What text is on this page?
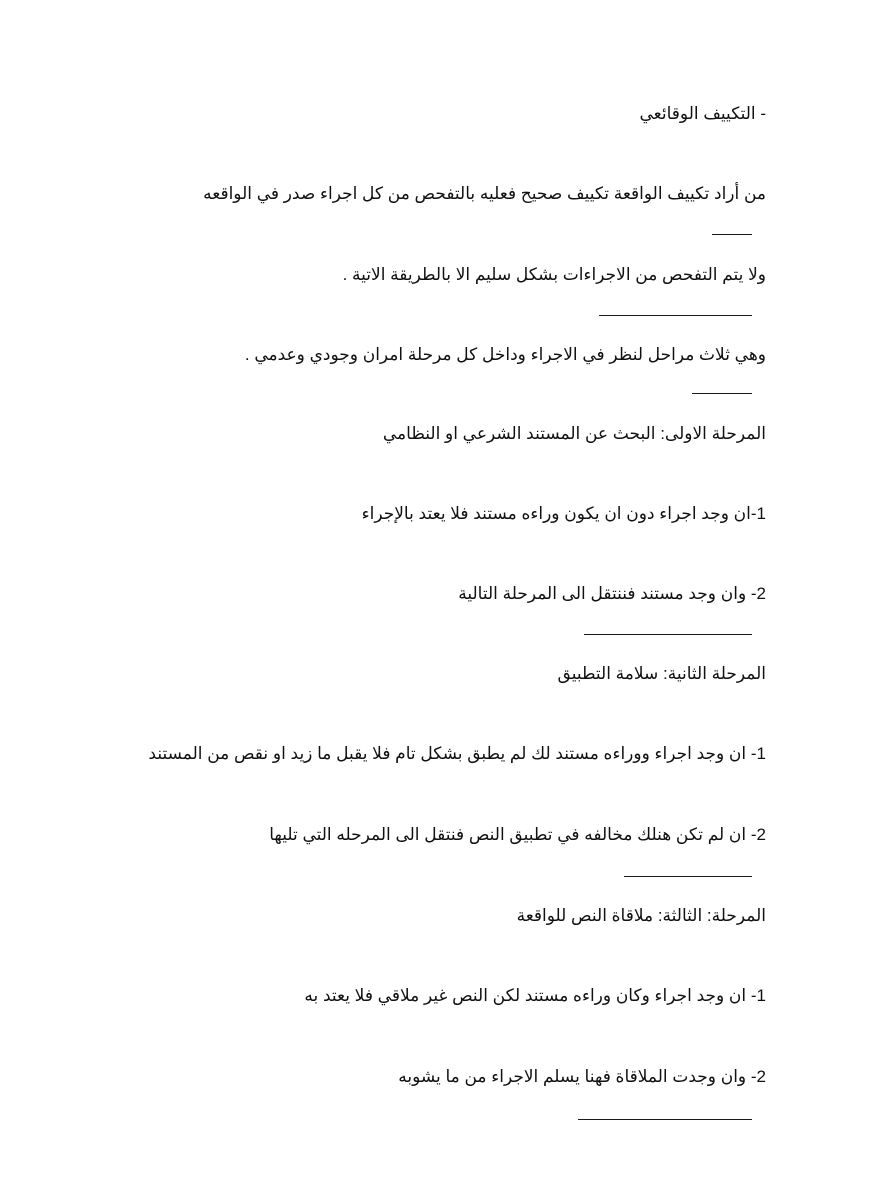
- التكييف الوقائعي
من أراد تكييف الواقعة تكييف صحيح فعليه بالتفحص من كل اجراء صدر في الواقعه
ولا يتم التفحص من الاجراءات بشكل سليم الا بالطريقة الاتية .
وهي ثلاث مراحل لنظر في الاجراء وداخل كل مرحلة امران وجودي وعدمي .
المرحلة الاولى: البحث عن المستند الشرعي او النظامي
1-ان وجد اجراء دون ان يكون وراءه مستند فلا يعتد بالإجراء
2- وان وجد مستند فننتقل الى المرحلة التالية
المرحلة الثانية: سلامة التطبيق
1- ان وجد اجراء ووراءه مستند لك لم يطبق بشكل تام فلا يقبل ما زيد او نقص من المستند
2- ان لم تكن هنلك مخالفه في تطبيق النص فنتقل الى المرحله التي تليها
المرحلة: الثالثة: ملاقاة النص للواقعة
1- ان وجد اجراء وكان وراءه مستند لكن النص غير ملاقي فلا يعتد به
2- وان وجدت الملاقاة فهنا يسلم الاجراء من ما يشوبه
